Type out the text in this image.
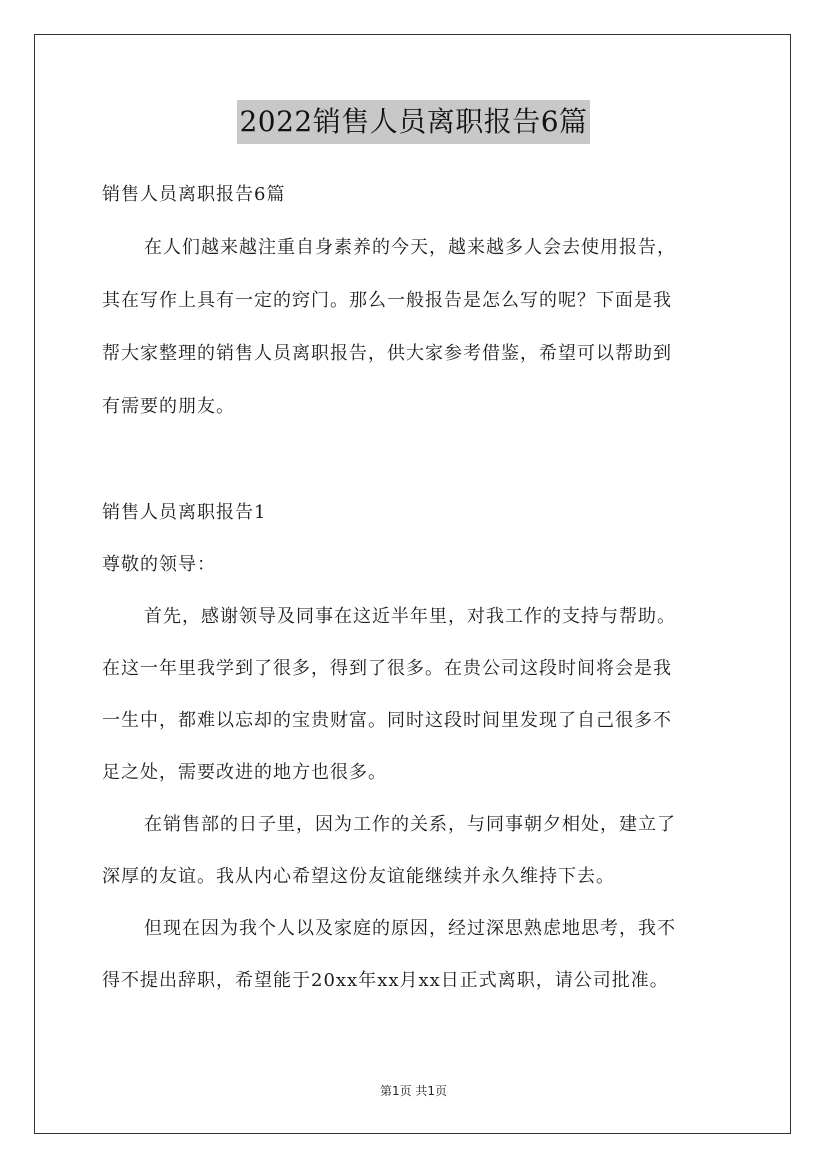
2022销售人员离职报告6篇
销售人员离职报告6篇
在人们越来越注重自身素养的今天，越来越多人会去使用报告，
其在写作上具有一定的窍门。那么一般报告是怎么写的呢？下面是我
帮大家整理的销售人员离职报告，供大家参考借鉴，希望可以帮助到
有需要的朋友。
销售人员离职报告1
尊敬的领导：
首先，感谢领导及同事在这近半年里，对我工作的支持与帮助。
在这一年里我学到了很多，得到了很多。在贵公司这段时间将会是我
一生中，都难以忘却的宝贵财富。同时这段时间里发现了自己很多不
足之处，需要改进的地方也很多。
在销售部的日子里，因为工作的关系，与同事朝夕相处，建立了
深厚的友谊。我从内心希望这份友谊能继续并永久维持下去。
但现在因为我个人以及家庭的原因，经过深思熟虑地思考，我不
得不提出辞职，希望能于20xx年xx月xx日正式离职，请公司批准。
第1页 共1页
